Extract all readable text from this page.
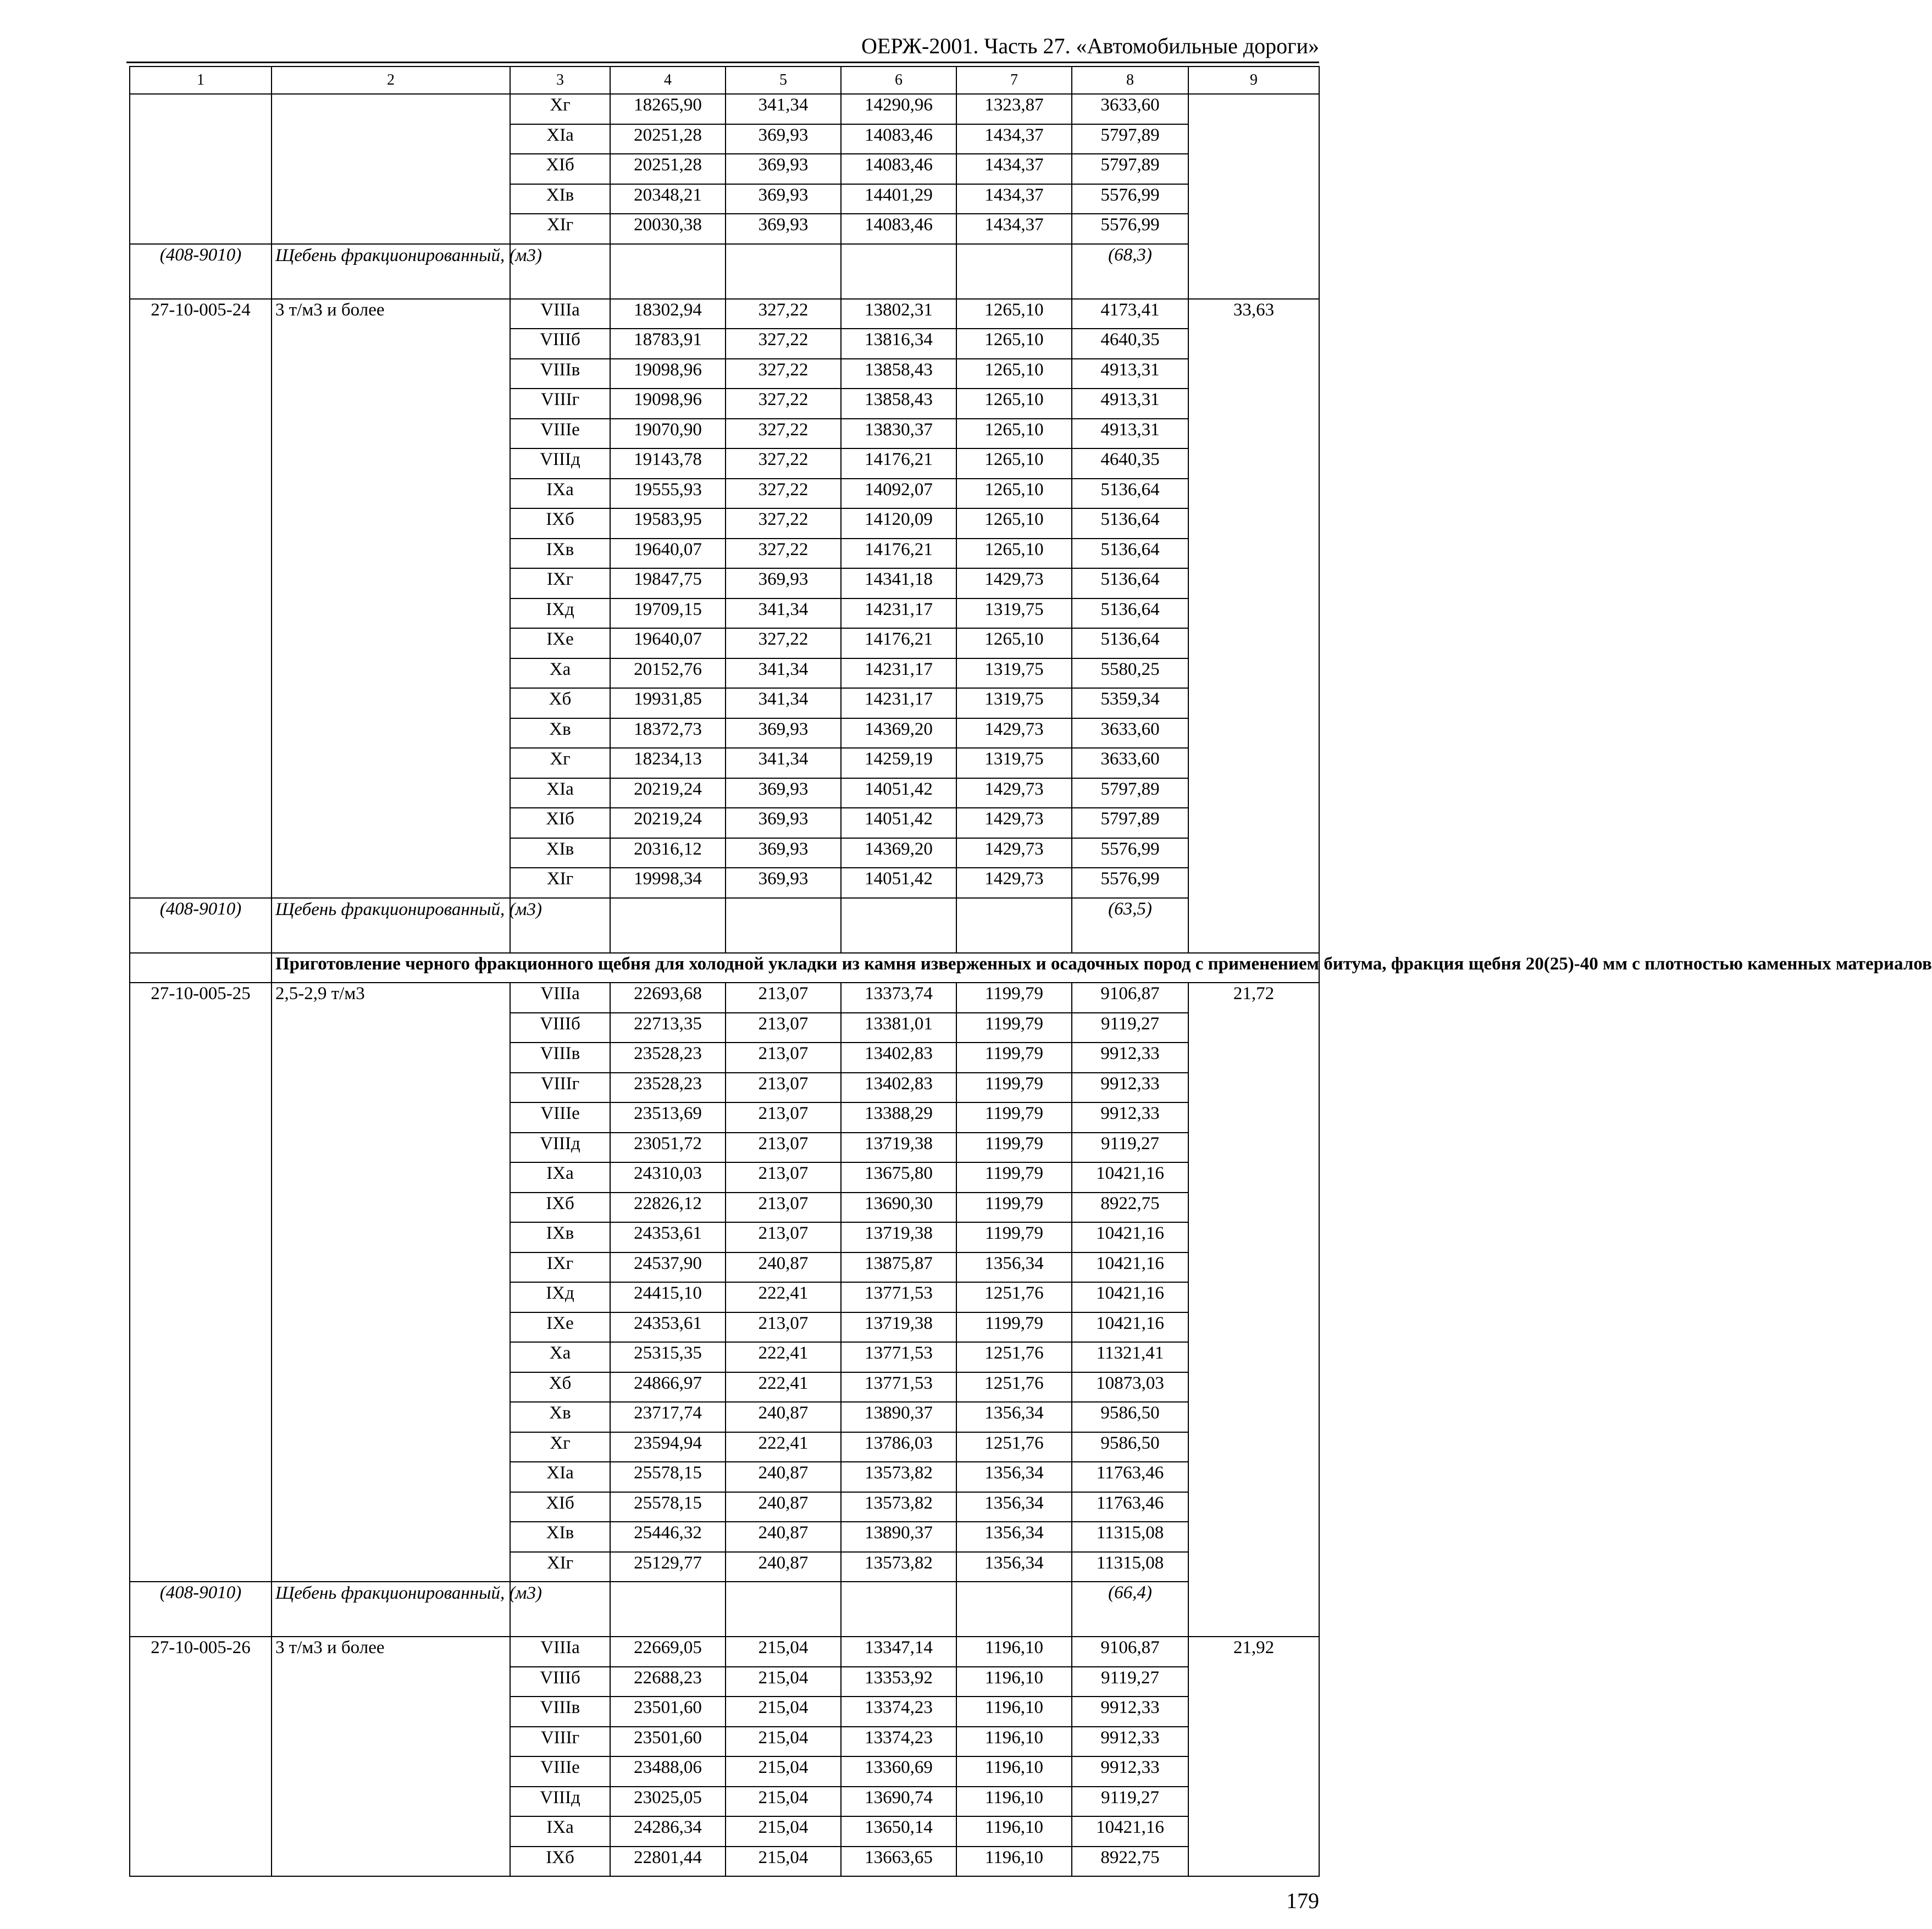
ОЕРЖ-2001. Часть 27. «Автомобильные дороги»
1	2	3	4	5	6	7	8	9
		Xг	18265,90	341,34	14290,96	1323,87	3633,60	
		XIа	20251,28	369,93	14083,46	1434,37	5797,89	
		XIб	20251,28	369,93	14083,46	1434,37	5797,89	
		XIв	20348,21	369,93	14401,29	1434,37	5576,99	
		XIг	20030,38	369,93	14083,46	1434,37	5576,99	

(408-9010)	Щебень фракционированный, (м3)						(68,3)	
27-10-005-24	3 т/м3 и более	VIIIа	18302,94	327,22	13802,31	1265,10	4173,41	33,63
		VIIIб	18783,91	327,22	13816,34	1265,10	4640,35	
		VIIIв	19098,96	327,22	13858,43	1265,10	4913,31	
		VIIIг	19098,96	327,22	13858,43	1265,10	4913,31	
		VIIIе	19070,90	327,22	13830,37	1265,10	4913,31	
		VIIIд	19143,78	327,22	14176,21	1265,10	4640,35	
		IXа	19555,93	327,22	14092,07	1265,10	5136,64	
		IXб	19583,95	327,22	14120,09	1265,10	5136,64	
		IXв	19640,07	327,22	14176,21	1265,10	5136,64	
		IXг	19847,75	369,93	14341,18	1429,73	5136,64	
		IXд	19709,15	341,34	14231,17	1319,75	5136,64	
		IXе	19640,07	327,22	14176,21	1265,10	5136,64	
		Xа	20152,76	341,34	14231,17	1319,75	5580,25	
		Xб	19931,85	341,34	14231,17	1319,75	5359,34	
		Xв	18372,73	369,93	14369,20	1429,73	3633,60	
		Xг	18234,13	341,34	14259,19	1319,75	3633,60	
		XIа	20219,24	369,93	14051,42	1429,73	5797,89	
		XIб	20219,24	369,93	14051,42	1429,73	5797,89	
		XIв	20316,12	369,93	14369,20	1429,73	5576,99	
		XIг	19998,34	369,93	14051,42	1429,73	5576,99	

(408-9010)	Щебень фракционированный, (м3)						(63,5)	
	Приготовление черного фракционного щебня для холодной укладки из камня изверженных и осадочных пород с применением битума, фракция щебня 20(25)-40 мм с плотностью каменных материалов							
27-10-005-25	2,5-2,9 т/м3	VIIIа	22693,68	213,07	13373,74	1199,79	9106,87	21,72
		VIIIб	22713,35	213,07	13381,01	1199,79	9119,27	
		VIIIв	23528,23	213,07	13402,83	1199,79	9912,33	
		VIIIг	23528,23	213,07	13402,83	1199,79	9912,33	
		VIIIе	23513,69	213,07	13388,29	1199,79	9912,33	
		VIIIд	23051,72	213,07	13719,38	1199,79	9119,27	
		IXа	24310,03	213,07	13675,80	1199,79	10421,16	
		IXб	22826,12	213,07	13690,30	1199,79	8922,75	
		IXв	24353,61	213,07	13719,38	1199,79	10421,16	
		IXг	24537,90	240,87	13875,87	1356,34	10421,16	
		IXд	24415,10	222,41	13771,53	1251,76	10421,16	
		IXе	24353,61	213,07	13719,38	1199,79	10421,16	
		Xа	25315,35	222,41	13771,53	1251,76	11321,41	
		Xб	24866,97	222,41	13771,53	1251,76	10873,03	
		Xв	23717,74	240,87	13890,37	1356,34	9586,50	
		Xг	23594,94	222,41	13786,03	1251,76	9586,50	
		XIа	25578,15	240,87	13573,82	1356,34	11763,46	
		XIб	25578,15	240,87	13573,82	1356,34	11763,46	
		XIв	25446,32	240,87	13890,37	1356,34	11315,08	
		XIг	25129,77	240,87	13573,82	1356,34	11315,08	

(408-9010)	Щебень фракционированный, (м3)						(66,4)	
27-10-005-26	3 т/м3 и более	VIIIа	22669,05	215,04	13347,14	1196,10	9106,87	21,92
		VIIIб	22688,23	215,04	13353,92	1196,10	9119,27	
		VIIIв	23501,60	215,04	13374,23	1196,10	9912,33	
		VIIIг	23501,60	215,04	13374,23	1196,10	9912,33	
		VIIIе	23488,06	215,04	13360,69	1196,10	9912,33	
		VIIIд	23025,05	215,04	13690,74	1196,10	9119,27	
		IXа	24286,34	215,04	13650,14	1196,10	10421,16	
		IXб	22801,44	215,04	13663,65	1196,10	8922,75	
179
